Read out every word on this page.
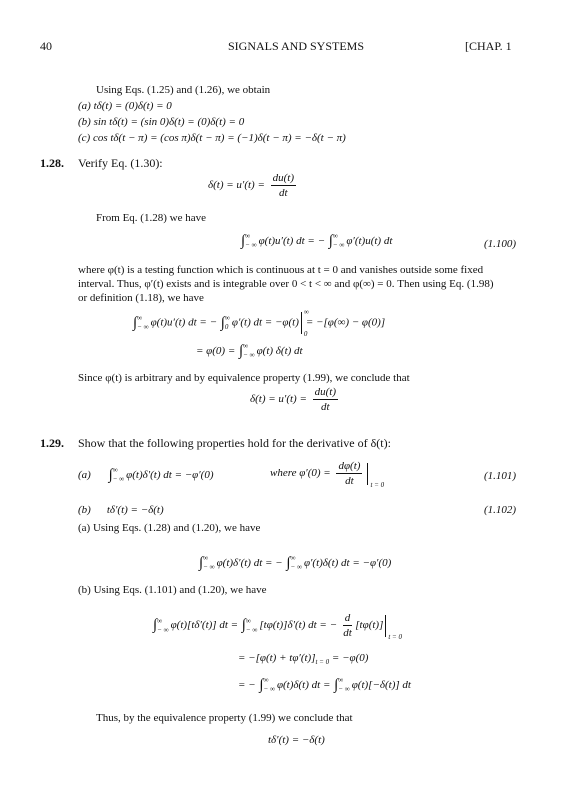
40	SIGNALS AND SYSTEMS	[CHAP. 1
Using Eqs. (1.25) and (1.26), we obtain
(a) tδ(t) = (0)δ(t) = 0
(b) sin tδ(t) = (sin 0)δ(t) = (0)δ(t) = 0
(c) cos tδ(t − π) = (cos π)δ(t − π) = (−1)δ(t − π) = −δ(t − π)
1.28. Verify Eq. (1.30):
$\delta(t) = u'(t) = \frac{du(t)}{dt}$
From Eq. (1.28) we have
∫ ∞
− ∞ φ(t)u′(t) dt = − ∫ ∞
− ∞ φ′(t)u(t) dt	(1.100)
where φ(t) is a testing function which is continuous at t = 0 and vanishes outside some fixed
interval. Thus, φ′(t) exists and is integrable over 0 < t < ∞ and φ(∞) = 0. Then using Eq. (1.98)
or definition (1.18), we have
∫ ∞
− ∞ φ(t)u′(t) dt = − ∫ ∞
0 φ′(t) dt = −φ(t)
∞
0
= −[φ(∞) − φ(0)]
= φ(0) = ∫ ∞
− ∞ φ(t) δ(t) dt
Since φ(t) is arbitrary and by equivalence property (1.99), we conclude that
$\delta(t) = u'(t) = \frac{du(t)}{dt}$
1.29. Show that the following properties hold for the derivative of δ(t):
(a) ∫ ∞
− ∞ φ(t)δ′(t) dt = −φ′(0)	where $\varphi'(0) = \frac{d\varphi(t)}{dt}$ t = 0
(1.101)
(b) tδ′(t) = −δ(t)	(1.102)
(a) Using Eqs. (1.28) and (1.20), we have
∫ ∞
− ∞ φ(t)δ′(t) dt = − ∫ ∞
− ∞ φ′(t)δ(t) dt = −φ′(0)
(b) Using Eqs. (1.101) and (1.20), we have
∫ ∞
− ∞ φ(t)[tδ′(t)] dt = ∫ ∞
− ∞ [tφ(t)]δ′(t) dt = − $\frac{d}{dt} [t\varphi(t)]$
t = 0
= $-[\varphi(t) + t\varphi'(t)]_{t = 0} = -\varphi(0)$
= − ∫ ∞
− ∞ φ(t)δ(t) dt = ∫ ∞
− ∞ φ(t)[−δ(t)] dt
Thus, by the equivalence property (1.99) we conclude that
tδ′(t) = −δ(t)
